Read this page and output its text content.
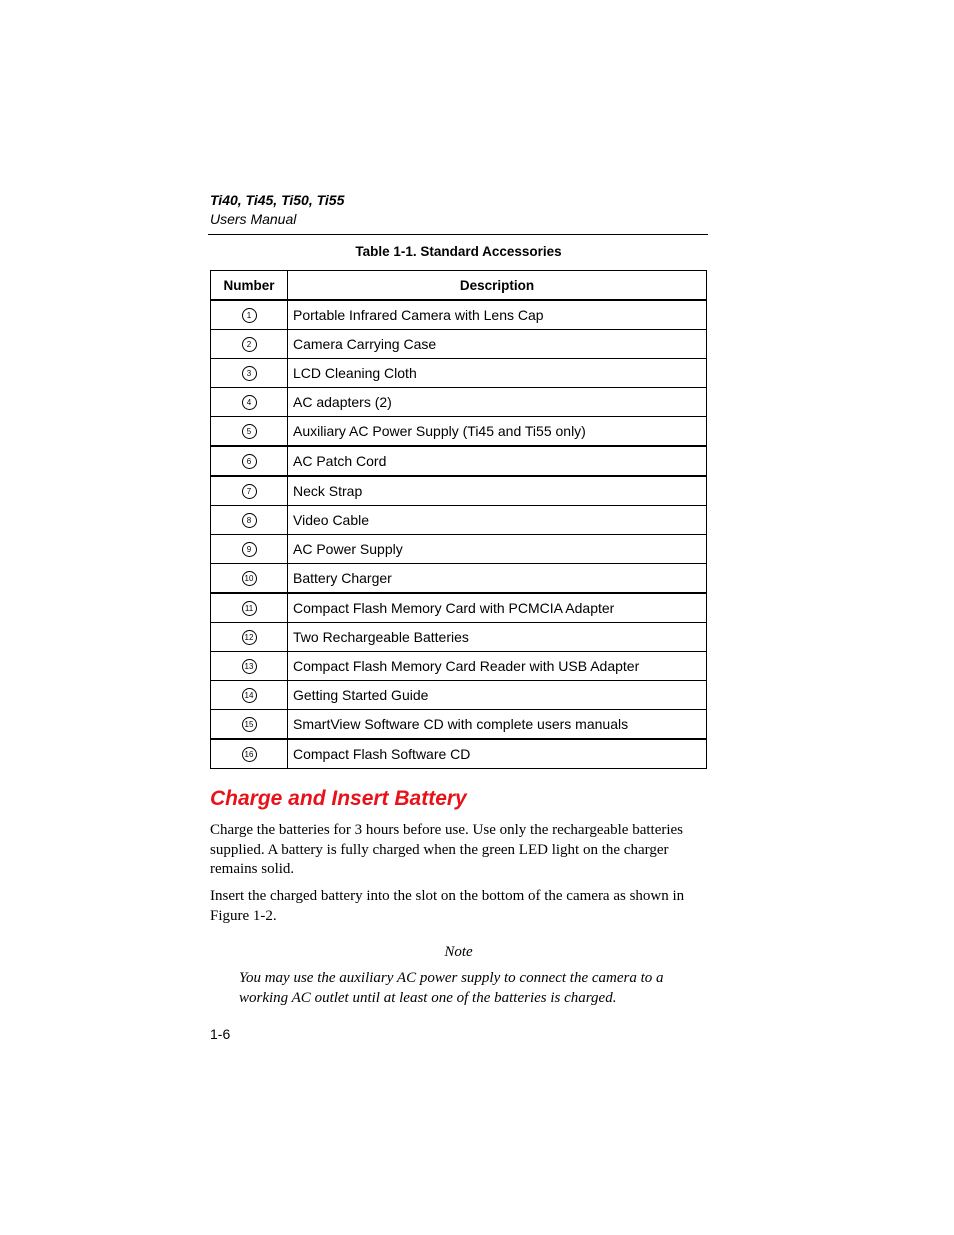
Ti40, Ti45, Ti50, Ti55

Users Manual

Table 1-1. Standard Accessories
Number	Description
1	Portable Infrared Camera with Lens Cap
2	Camera Carrying Case
3	LCD Cleaning Cloth
4	AC adapters (2)
5	Auxiliary AC Power Supply (Ti45 and Ti55 only)
6	AC Patch Cord
7	Neck Strap
8	Video Cable
9	AC Power Supply
10	Battery Charger
11	Compact Flash Memory Card with PCMCIA Adapter
12	Two Rechargeable Batteries
13	Compact Flash Memory Card Reader with USB Adapter
14	Getting Started Guide
15	SmartView Software CD with complete users manuals
16	Compact Flash Software CD
Charge and Insert Battery

Charge the batteries for 3 hours before use. Use only the rechargeable batteries supplied. A battery is fully charged when the green LED light on the charger remains solid.

Insert the charged battery into the slot on the bottom of the camera as shown in Figure 1-2.

Note

You may use the auxiliary AC power supply to connect the camera to a working AC outlet until at least one of the batteries is charged.

1-6
